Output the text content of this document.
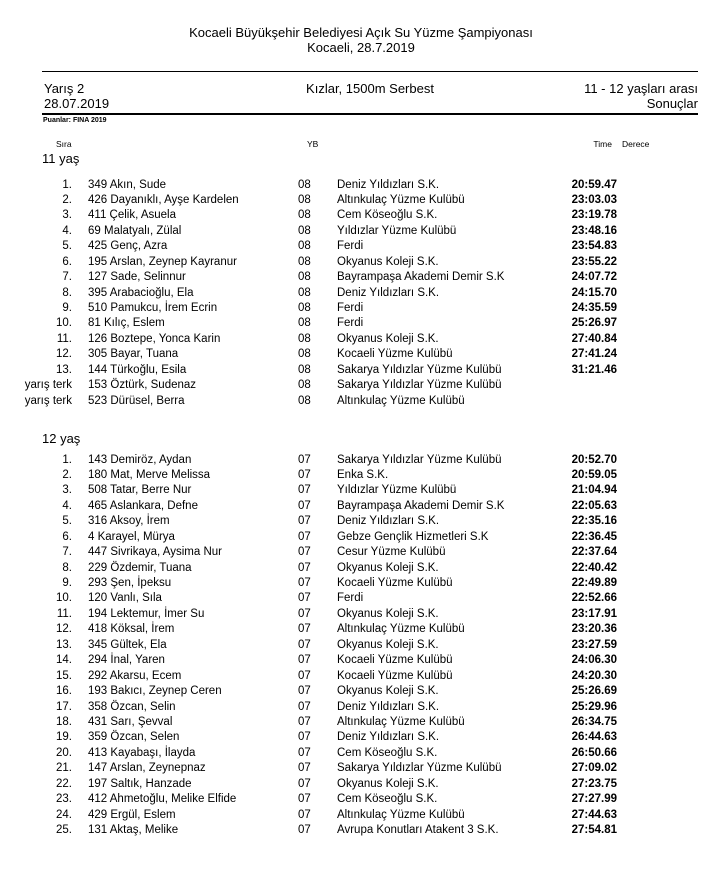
Kocaeli Büyükşehir Belediyesi Açık Su Yüzme Şampiyonası
Kocaeli, 28.7.2019
Kızlar, 1500m Serbest
Yarış 2
28.07.2019
11 - 12 yaşları arası
Sonuçlar
Puanlar: FINA 2019
Sıra	YB	Time Derece
11 yaş
1. 349 Akın, Sude	08 Deniz Yıldızları S.K.	20:59.47
2. 426 Dayanıklı, Ayşe Kardelen	08 Altınkulaç Yüzme Kulübü	23:03.03
3. 411 Çelik, Asuela	08 Cem Köseoğlu S.K.	23:19.78
4. 69 Malatyalı, Zülal	08 Yıldızlar Yüzme Kulübü	23:48.16
5. 425 Genç, Azra	08 Ferdi	23:54.83
6. 195 Arslan, Zeynep Kayranur	08 Okyanus Koleji S.K.	23:55.22
7. 127 Sade, Selinnur	08 Bayrampaşa Akademi Demir S.K	24:07.72
8. 395 Arabacioğlu, Ela	08 Deniz Yıldızları S.K.	24:15.70
9. 510 Pamukcu, İrem Ecrin	08 Ferdi	24:35.59
10. 81 Kılıç, Eslem	08 Ferdi	25:26.97
11. 126 Boztepe, Yonca Karin	08 Okyanus Koleji S.K.	27:40.84
12. 305 Bayar, Tuana	08 Kocaeli Yüzme Kulübü	27:41.24
13. 144 Türkoğlu, Esila	08 Sakarya Yıldızlar Yüzme Kulübü	31:21.46
yarış terk 153 Öztürk, Sudenaz	08 Sakarya Yıldızlar Yüzme Kulübü
yarış terk 523 Dürüsel, Berra	08 Altınkulaç Yüzme Kulübü
12 yaş
1. 143 Demiröz, Aydan	07 Sakarya Yıldızlar Yüzme Kulübü	20:52.70
2. 180 Mat, Merve Melissa	07 Enka S.K.	20:59.05
3. 508 Tatar, Berre Nur	07 Yıldızlar Yüzme Kulübü	21:04.94
4. 465 Aslankara, Defne	07 Bayrampaşa Akademi Demir S.K	22:05.63
5. 316 Aksoy, İrem	07 Deniz Yıldızları S.K.	22:35.16
6. 4 Karayel, Mürya	07 Gebze Gençlik Hizmetleri S.K	22:36.45
7. 447 Sivrikaya, Aysima Nur	07 Cesur Yüzme Kulübü	22:37.64
8. 229 Özdemir, Tuana	07 Okyanus Koleji S.K.	22:40.42
9. 293 Şen, İpeksu	07 Kocaeli Yüzme Kulübü	22:49.89
10. 120 Vanlı, Sıla	07 Ferdi	22:52.66
11. 194 Lektemur, İmer Su	07 Okyanus Koleji S.K.	23:17.91
12. 418 Köksal, İrem	07 Altınkulaç Yüzme Kulübü	23:20.36
13. 345 Gültek, Ela	07 Okyanus Koleji S.K.	23:27.59
14. 294 İnal, Yaren	07 Kocaeli Yüzme Kulübü	24:06.30
15. 292 Akarsu, Ecem	07 Kocaeli Yüzme Kulübü	24:20.30
16. 193 Bakıcı, Zeynep Ceren	07 Okyanus Koleji S.K.	25:26.69
17. 358 Özcan, Selin	07 Deniz Yıldızları S.K.	25:29.96
18. 431 Sarı, Şevval	07 Altınkulaç Yüzme Kulübü	26:34.75
19. 359 Özcan, Selen	07 Deniz Yıldızları S.K.	26:44.63
20. 413 Kayabaşı, İlayda	07 Cem Köseoğlu S.K.	26:50.66
21. 147 Arslan, Zeynepnaz	07 Sakarya Yıldızlar Yüzme Kulübü	27:09.02
22. 197 Saltık, Hanzade	07 Okyanus Koleji S.K.	27:23.75
23. 412 Ahmetoğlu, Melike Elfide	07 Cem Köseoğlu S.K.	27:27.99
24. 429 Ergül, Eslem	07 Altınkulaç Yüzme Kulübü	27:44.63
25. 131 Aktaş, Melike	07 Avrupa Konutları Atakent 3 S.K.	27:54.81
